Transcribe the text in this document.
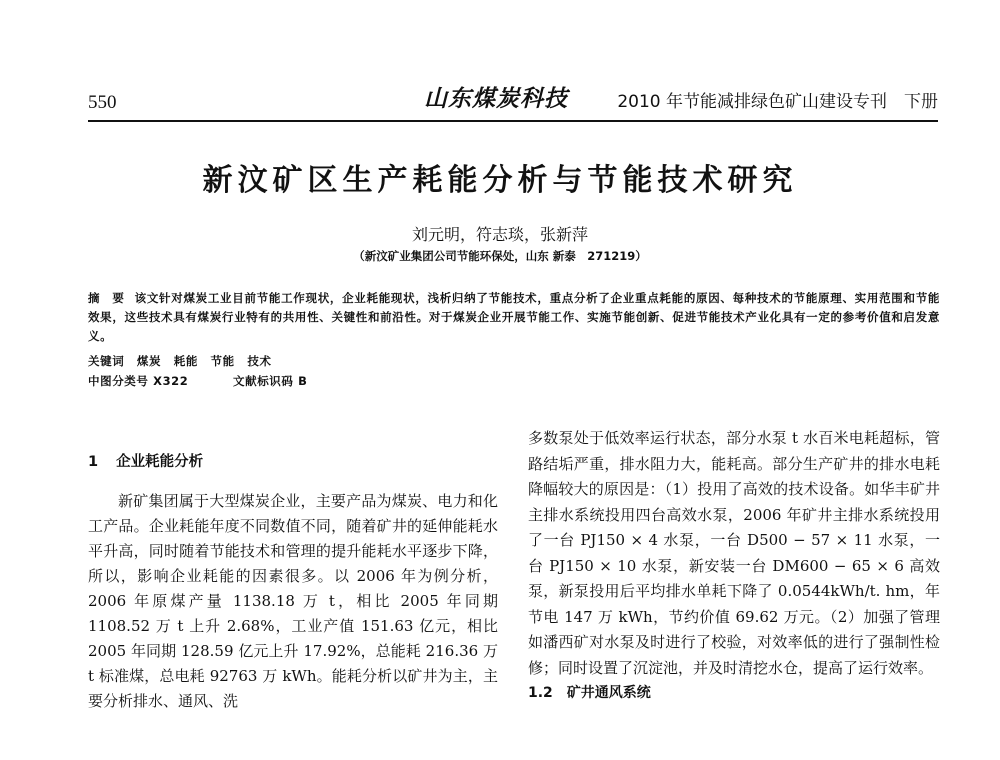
550	山东煤炭科技	2010 年节能减排绿色矿山建设专刊　下册
新汶矿区生产耗能分析与节能技术研究
刘元明，符志琰，张新萍
（新汶矿业集团公司节能环保处，山东 新泰　271219）
摘　要 该文针对煤炭工业目前节能工作现状，企业耗能现状，浅析归纳了节能技术，重点分析了企业重点耗能的原因、每种技术的节能原理、实用范围和节能效果，这些技术具有煤炭行业特有的共用性、关键性和前沿性。对于煤炭企业开展节能工作、实施节能创新、促进节能技术产业化具有一定的参考价值和启发意义。
关键词 煤炭 耗能 节能 技术
中图分类号 X322	文献标识码 B
1 企业耗能分析

新矿集团属于大型煤炭企业，主要产品为煤炭、电力和化工产品。企业耗能年度不同数值不同，随着矿井的延伸能耗水平升高，同时随着节能技术和管理的提升能耗水平逐步下降，所以，影响企业耗能的因素很多。以 2006 年为例分析，2006 年原煤产量 1138.18 万 t，相比 2005 年同期 1108.52 万 t 上升 2.68%，工业产值 151.63 亿元，相比 2005 年同期 128.59 亿元上升 17.92%，总能耗 216.36 万 t 标准煤，总电耗 92763 万 kWh。能耗分析以矿井为主，主要分析排水、通风、洗

多数泵处于低效率运行状态，部分水泵 t 水百米电耗超标，管路结垢严重，排水阻力大，能耗高。部分生产矿井的排水电耗降幅较大的原因是：（1）投用了高效的技术设备。如华丰矿井主排水系统投用四台高效水泵，2006 年矿井主排水系统投用了一台 PJ150 × 4 水泵，一台 D500 − 57 × 11 水泵，一台 PJ150 × 10 水泵，新安装一台 DM600 − 65 × 6 高效泵，新泵投用后平均排水单耗下降了 0.0544kWh/t. hm，年节电 147 万 kWh，节约价值 69.62 万元。（2）加强了管理如潘西矿对水泵及时进行了校验，对效率低的进行了强制性检修；同时设置了沉淀池，并及时清挖水仓，提高了运行效率。

1.2 矿井通风系统
